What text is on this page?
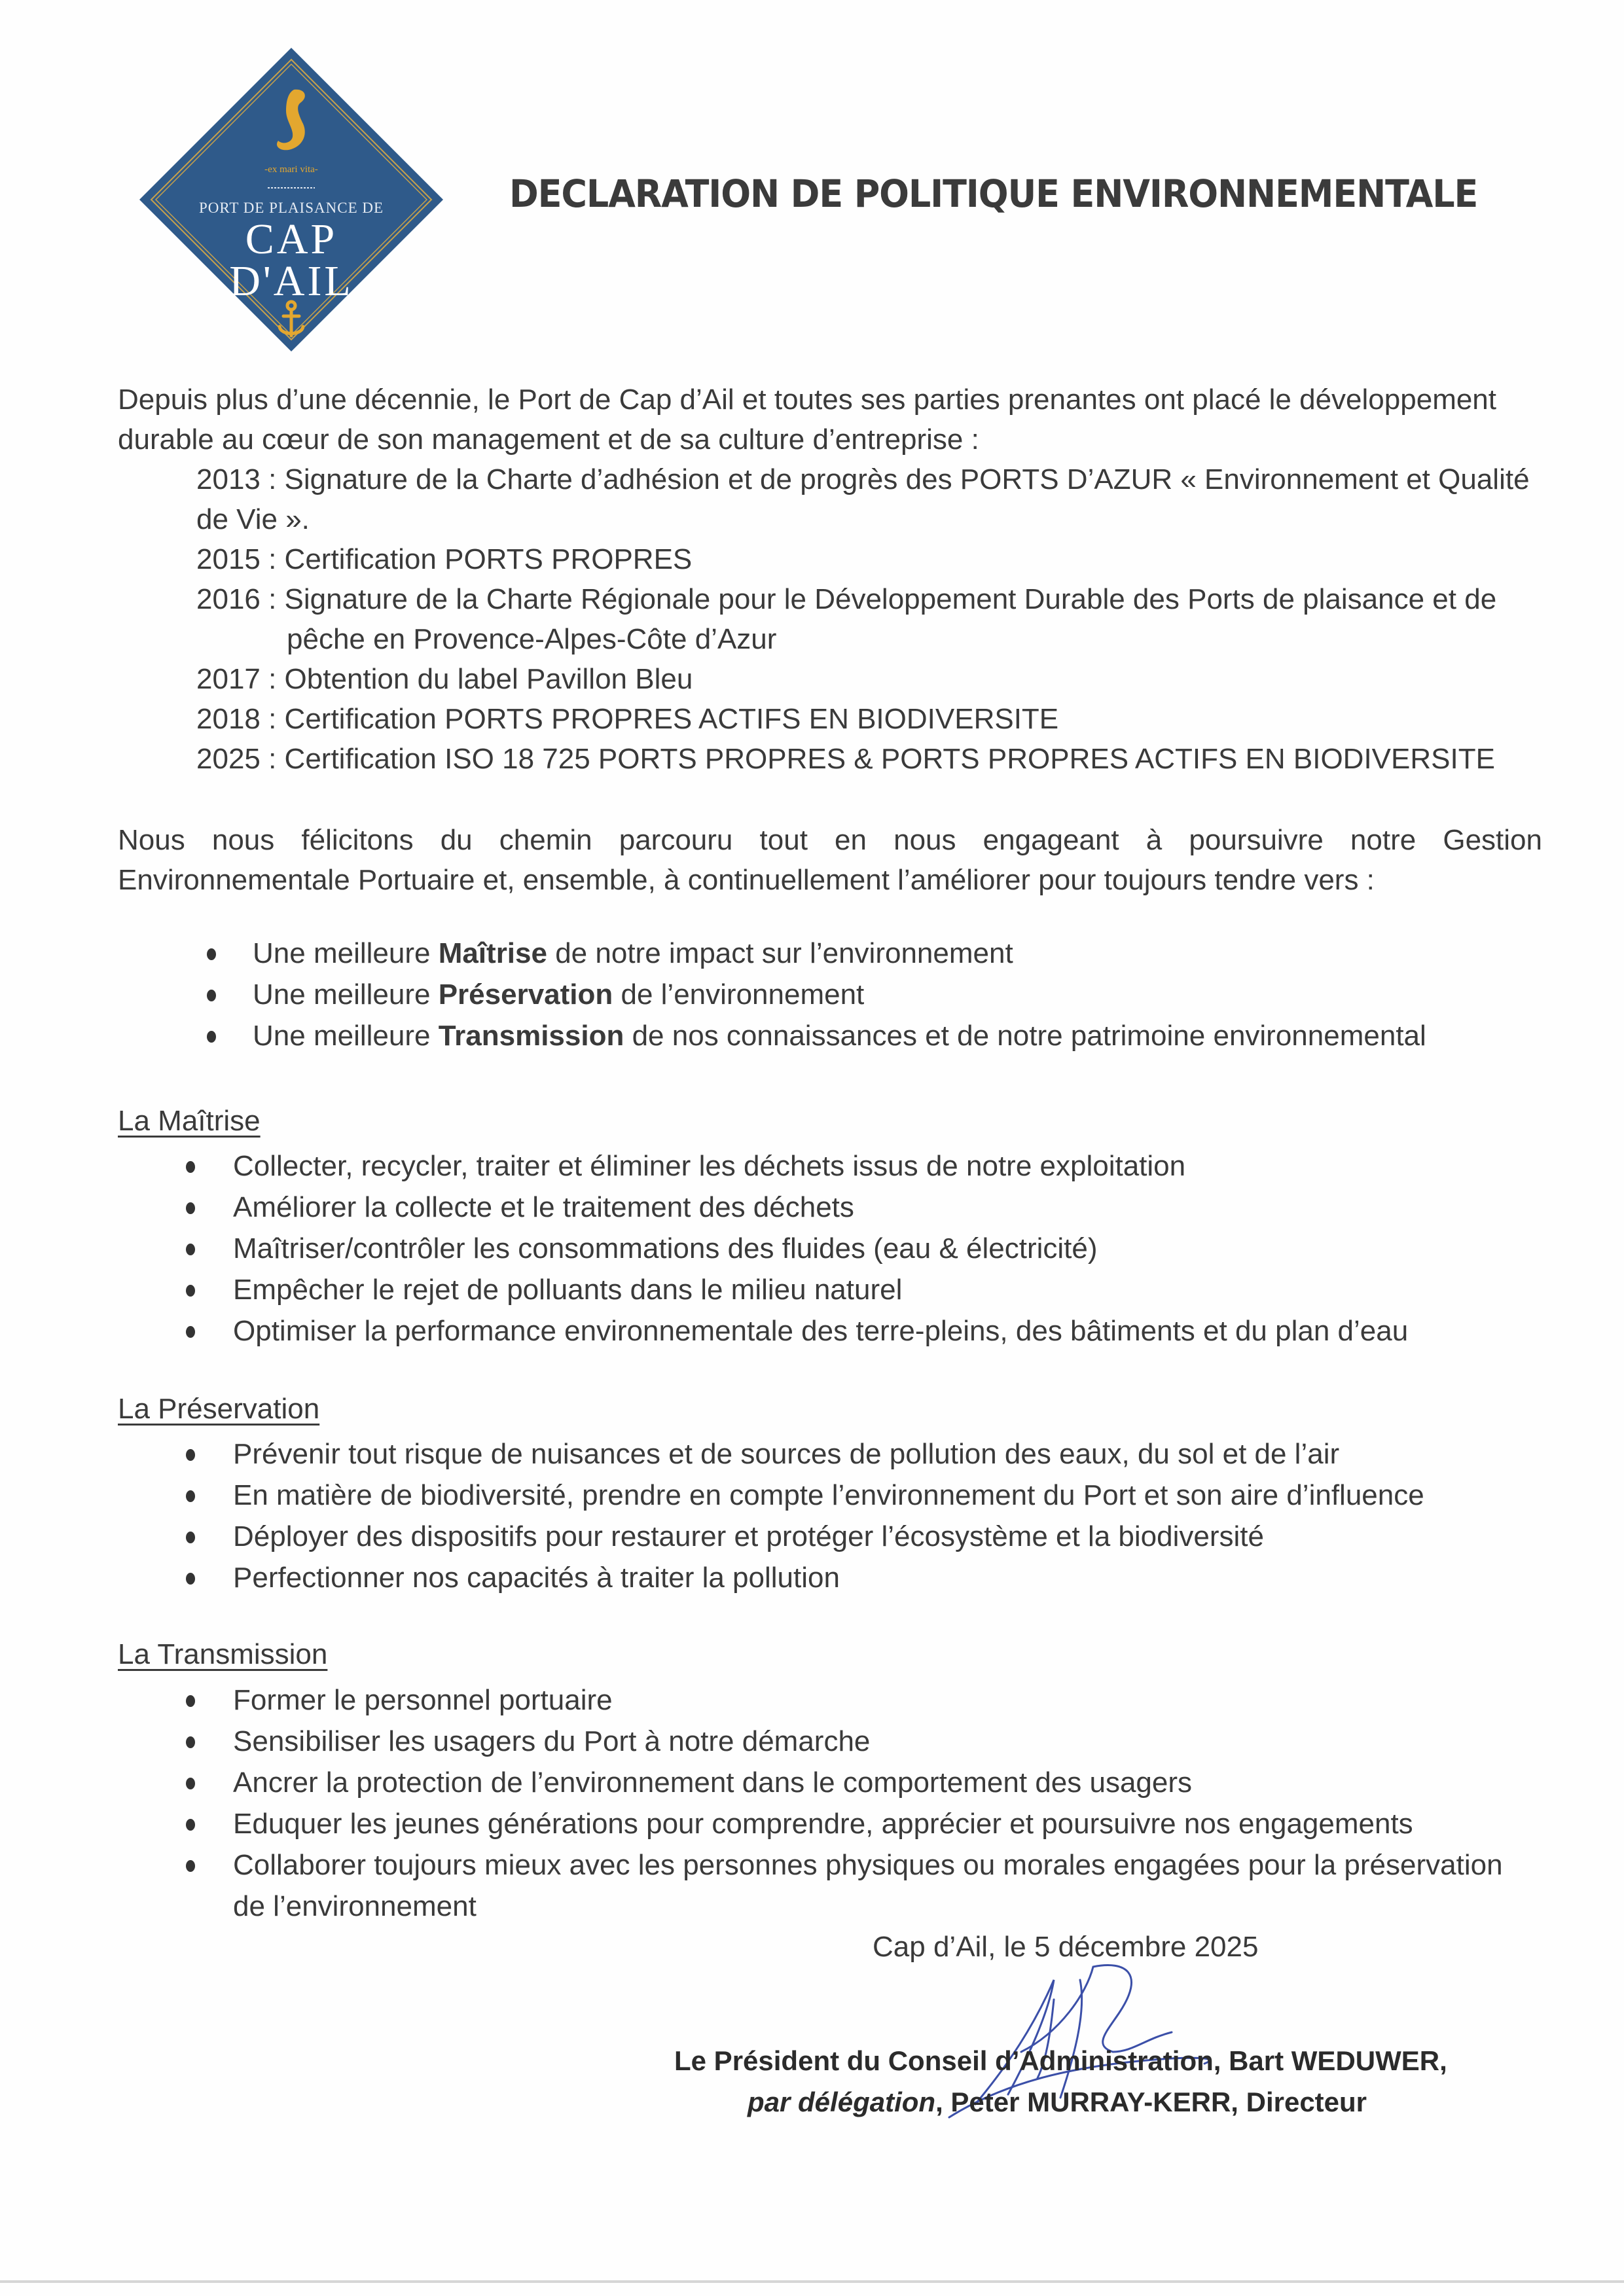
-ex mari vita-
PORT DE PLAISANCE DE
CAP
D'AIL
DECLARATION DE POLITIQUE ENVIRONNEMENTALE
Depuis plus d’une décennie, le Port de Cap d’Ail et toutes ses parties prenantes ont placé le développement
durable au cœur de son management et de sa culture d’entreprise :
2013 : Signature de la Charte d’adhésion et de progrès des PORTS D’AZUR « Environnement et Qualité
de Vie ».
2015 : Certification PORTS PROPRES
2016 : Signature de la Charte Régionale pour le Développement Durable des Ports de plaisance et de
pêche en Provence-Alpes-Côte d’Azur
2017 : Obtention du label Pavillon Bleu
2018 : Certification PORTS PROPRES ACTIFS EN BIODIVERSITE
2025 : Certification ISO 18 725 PORTS PROPRES & PORTS PROPRES ACTIFS EN BIODIVERSITE
Nous nous félicitons du chemin parcouru tout en nous engageant à poursuivre notre Gestion
Environnementale Portuaire et, ensemble, à continuellement l’améliorer pour toujours tendre vers :
Une meilleure Maîtrise de notre impact sur l’environnement
Une meilleure Préservation de l’environnement
Une meilleure Transmission de nos connaissances et de notre patrimoine environnemental
La Maîtrise
Collecter, recycler, traiter et éliminer les déchets issus de notre exploitation
Améliorer la collecte et le traitement des déchets
Maîtriser/contrôler les consommations des fluides (eau & électricité)
Empêcher le rejet de polluants dans le milieu naturel
Optimiser la performance environnementale des terre-pleins, des bâtiments et du plan d’eau
La Préservation
Prévenir tout risque de nuisances et de sources de pollution des eaux, du sol et de l’air
En matière de biodiversité, prendre en compte l’environnement du Port et son aire d’influence
Déployer des dispositifs pour restaurer et protéger l’écosystème et la biodiversité
Perfectionner nos capacités à traiter la pollution
La Transmission
Former le personnel portuaire
Sensibiliser les usagers du Port à notre démarche
Ancrer la protection de l’environnement dans le comportement des usagers
Eduquer les jeunes générations pour comprendre, apprécier et poursuivre nos engagements
Collaborer toujours mieux avec les personnes physiques ou morales engagées pour la préservation
de l’environnement
Cap d’Ail, le 5 décembre 2025
Le Président du Conseil d’Administration, Bart WEDUWER,
par délégation, Peter MURRAY-KERR, Directeur
